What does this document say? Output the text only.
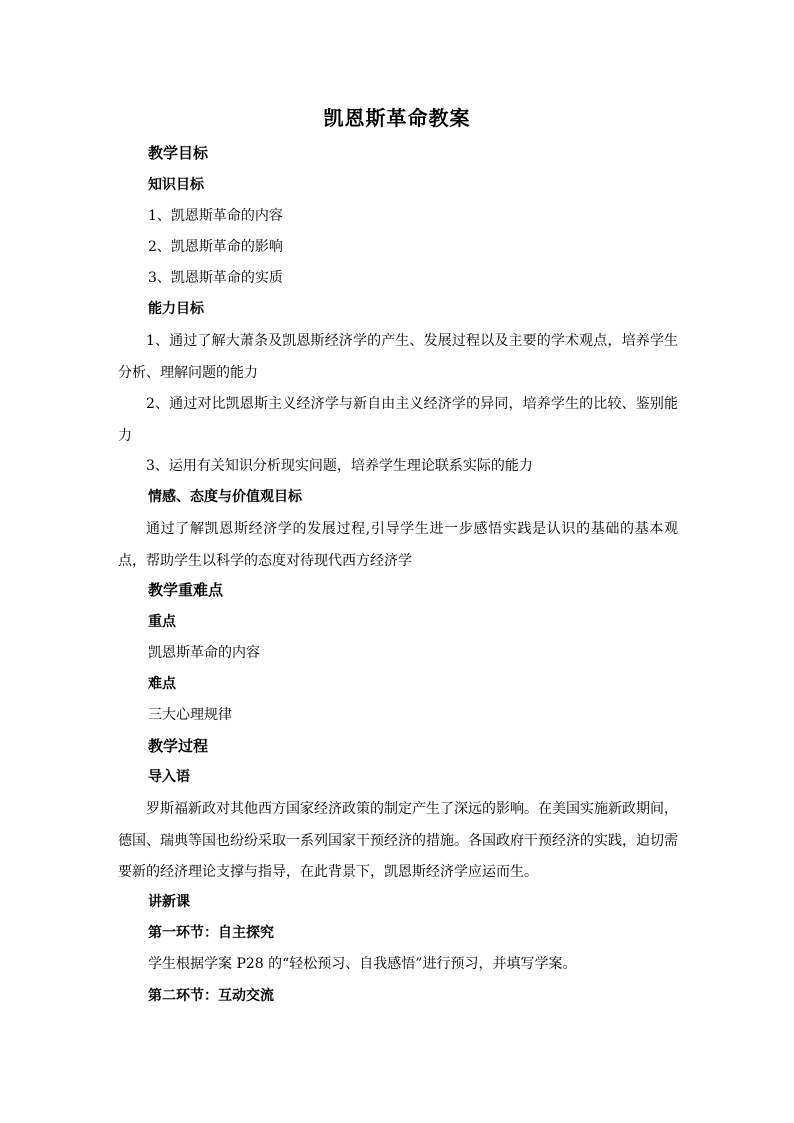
凯恩斯革命教案
教学目标
知识目标
1、凯恩斯革命的内容
2、凯恩斯革命的影响
3、凯恩斯革命的实质
能力目标
1、通过了解大萧条及凯恩斯经济学的产生、发展过程以及主要的学术观点，培养学生分析、理解问题的能力
2、通过对比凯恩斯主义经济学与新自由主义经济学的异同，培养学生的比较、鉴别能力
3、运用有关知识分析现实问题，培养学生理论联系实际的能力
情感、态度与价值观目标
通过了解凯恩斯经济学的发展过程,引导学生进一步感悟实践是认识的基础的基本观点，帮助学生以科学的态度对待现代西方经济学
教学重难点
重点
凯恩斯革命的内容
难点
三大心理规律
教学过程
导入语
罗斯福新政对其他西方国家经济政策的制定产生了深远的影响。在美国实施新政期间，德国、瑞典等国也纷纷采取一系列国家干预经济的措施。各国政府干预经济的实践，迫切需要新的经济理论支撑与指导，在此背景下，凯恩斯经济学应运而生。
讲新课
第一环节：自主探究
学生根据学案 P28 的“轻松预习、自我感悟”进行预习，并填写学案。
第二环节：互动交流
